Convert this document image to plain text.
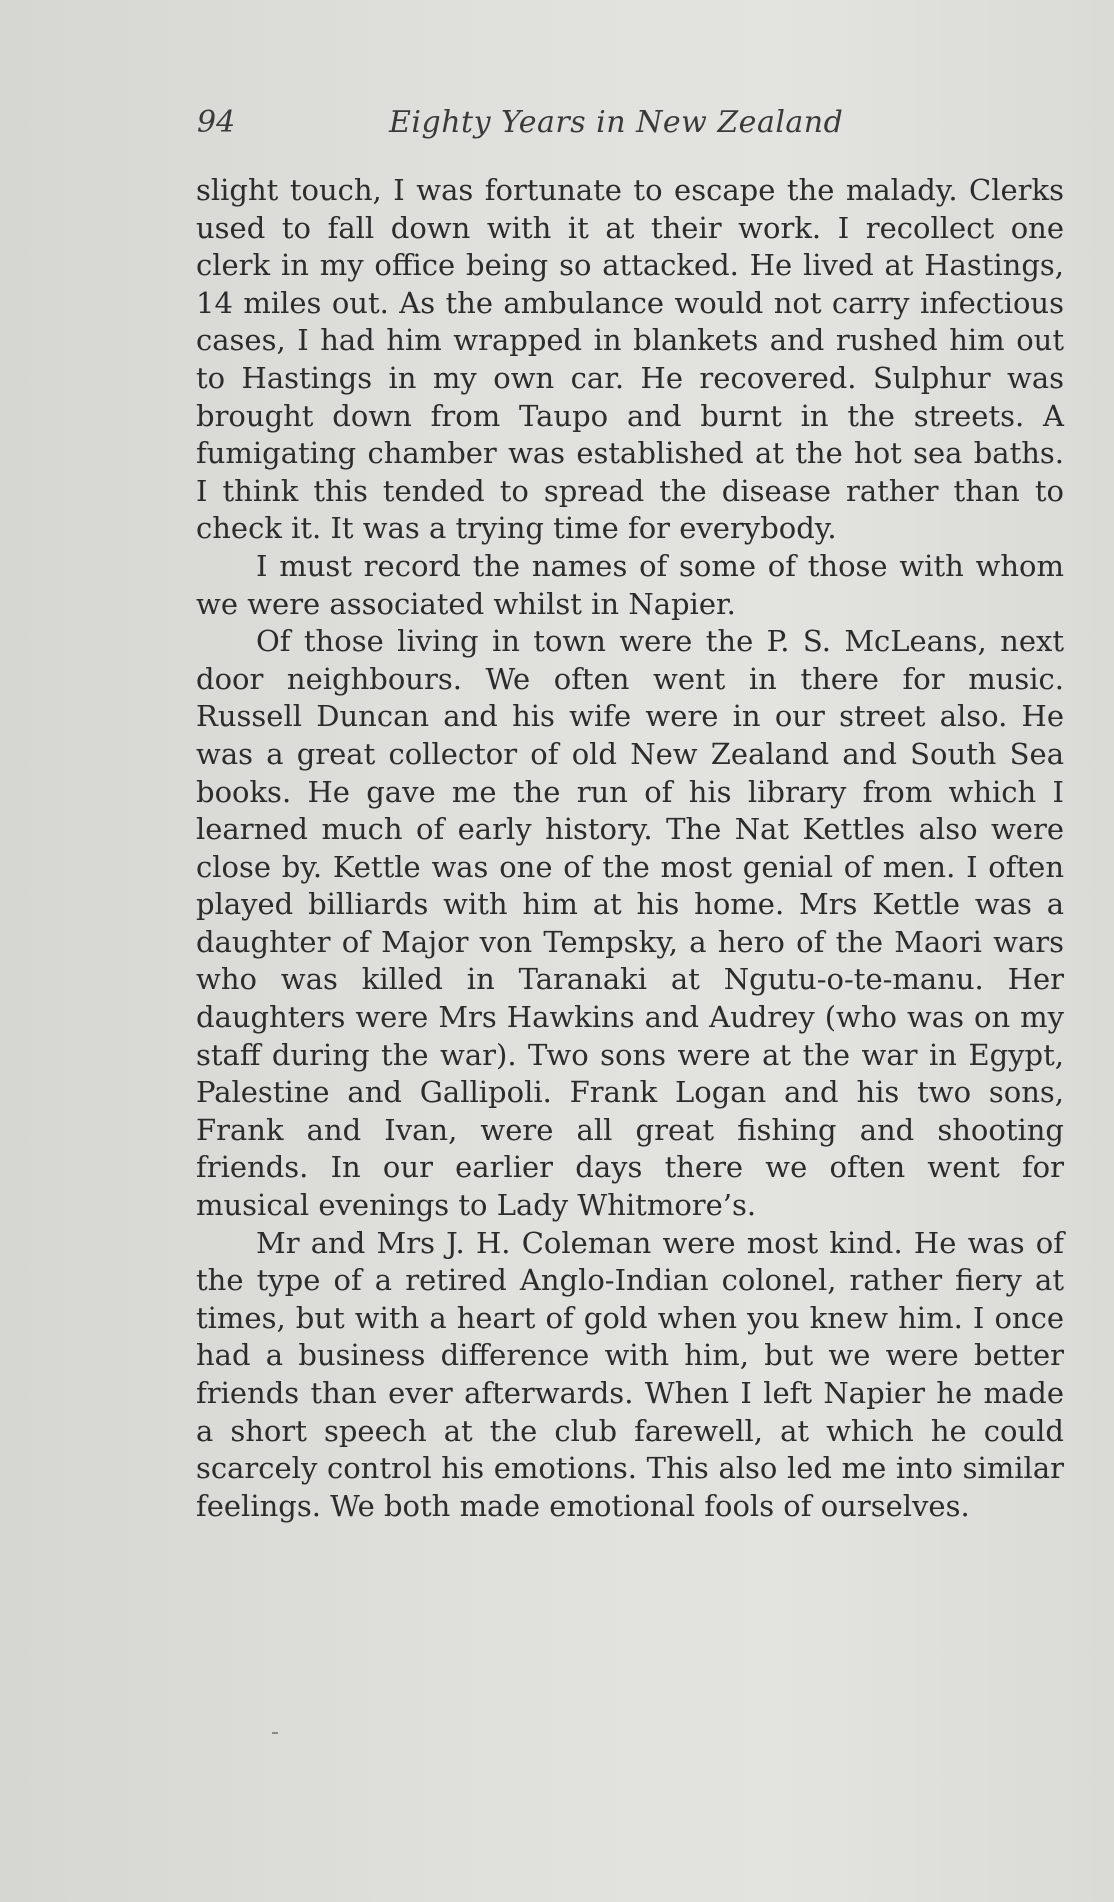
94	Eighty Years in New Zealand

slight touch, I was fortunate to escape the malady. Clerks used to fall down with it at their work. I recollect one clerk in my office being so attacked. He lived at Hastings, 14 miles out. As the ambulance would not carry infectious cases, I had him wrapped in blankets and rushed him out to Hastings in my own car. He recovered. Sulphur was brought down from Taupo and burnt in the streets. A fumigating chamber was established at the hot sea baths. I think this tended to spread the disease rather than to check it. It was a trying time for everybody.

I must record the names of some of those with whom we were associated whilst in Napier.

Of those living in town were the P. S. McLeans, next door neighbours. We often went in there for music. Russell Duncan and his wife were in our street also. He was a great collector of old New Zealand and South Sea books. He gave me the run of his library from which I learned much of early history. The Nat Kettles also were close by. Kettle was one of the most genial of men. I often played billiards with him at his home. Mrs Kettle was a daughter of Major von Tempsky, a hero of the Maori wars who was killed in Taranaki at Ngutu-o-te-manu. Her daughters were Mrs Hawkins and Audrey (who was on my staff during the war). Two sons were at the war in Egypt, Palestine and Gallipoli. Frank Logan and his two sons, Frank and Ivan, were all great fishing and shooting friends. In our earlier days there we often went for musical evenings to Lady Whitmore’s.

Mr and Mrs J. H. Coleman were most kind. He was of the type of a retired Anglo-Indian colonel, rather fiery at times, but with a heart of gold when you knew him. I once had a business difference with him, but we were better friends than ever afterwards. When I left Napier he made a short speech at the club farewell, at which he could scarcely control his emotions. This also led me into similar feelings. We both made emotional fools of ourselves.
